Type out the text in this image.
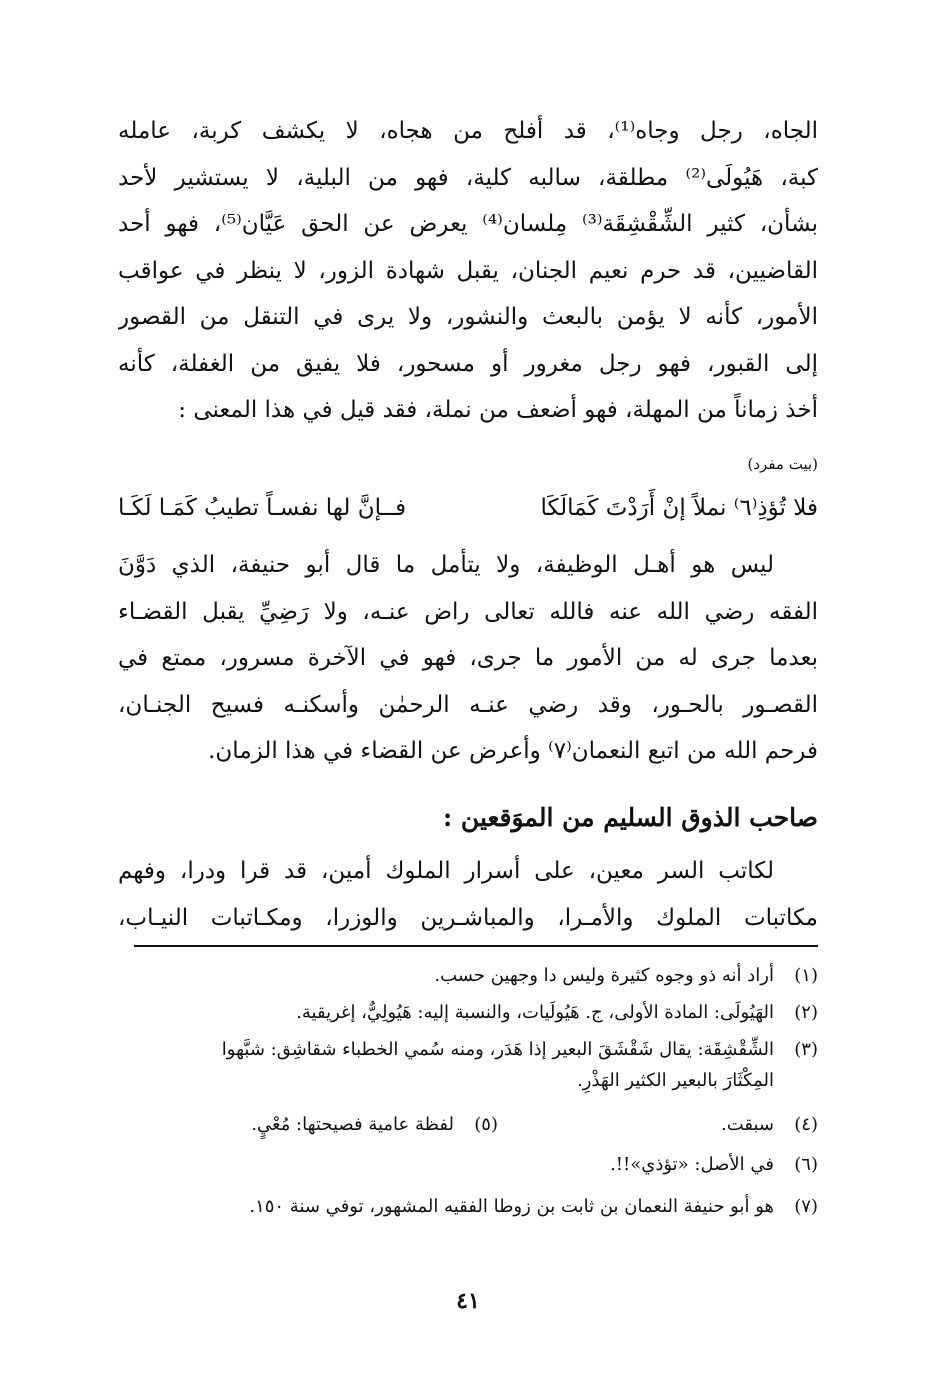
الجاه، رجل وجاه⁽¹⁾، قد أفلح من هجاه، لا يكشف كربة، عامله
كبة، هَيُولَى⁽²⁾ مطلقة، سالبه كلية، فهو من البلية، لا يستشير لأحد
بشأن، كثير الشِّقْشِقَة⁽³⁾ مِلسان⁽⁴⁾ يعرض عن الحق عَيَّان⁽⁵⁾، فهو أحد
القاضيين، قد حرم نعيم الجنان، يقبل شهادة الزور، لا ينظر في عواقب
الأمور، كأنه لا يؤمن بالبعث والنشور، ولا يرى في التنقل من القصور
إلى القبور، فهو رجل مغرور أو مسحور، فلا يفيق من الغفلة، كأنه
أخذ زماناً من المهلة، فهو أضعف من نملة، فقد قيل في هذا المعنى :
(بيت مفرد)
فلا تُؤذِ⁽٦⁾ نملاً إنْ أَرَدْتَ كَمَالَكَا
فــإنَّ لها نفسـاً تطيبُ كَمَـا لَكَـا
ليس هو أهـل الوظيفة، ولا يتأمل ما قال أبو حنيفة، الذي دَوَّنَ
الفقه رضي الله عنه فالله تعالى راض عنـه، ولا رَضِيِّ يقبل القضـاء
بعدما جرى له من الأمور ما جرى، فهو في الآخرة مسرور، ممتع في
القصـور بالحـور، وقد رضي عنـه الرحمٰن وأسكنـه فسيح الجنـان،
فرحم الله من اتبع النعمان⁽٧⁾ وأعرض عن القضاء في هذا الزمان.
صاحب الذوق السليم من الموَقعين :
لكاتب السر معين، على أسرار الملوك أمين، قد قرا ودرا، وفهم
مكاتبات الملوك والأمـرا، والمباشـرين والوزرا، ومكـاتبات النيـاب،
(١)
أراد أنه ذو وجوه كثيرة وليس دا وجهين حسب.
(٢)
الهَيُولَى: المادة الأولى، ج. هَيُولَيات، والنسبة إليه: هَيُولِيٌّ، إغريقية.
(٣)
الشِّقْشِقَة: يقال شَقْشَقَ البعير إذا هَدَر، ومنه سُمي الخطباء شقاشِق: شبَّهوا
المِكْثَارَ بالبعير الكثير الهَذْرِ.
(٤)
سبقت.
(٥)
لفظة عامية فصيحتها: مُعْيٍ.
(٦)
في الأصل: «تؤذي»!!.
(٧)
هو أبو حنيفة النعمان بن ثابت بن زوطا الفقيه المشهور، توفي سنة ١٥٠.
٤١
